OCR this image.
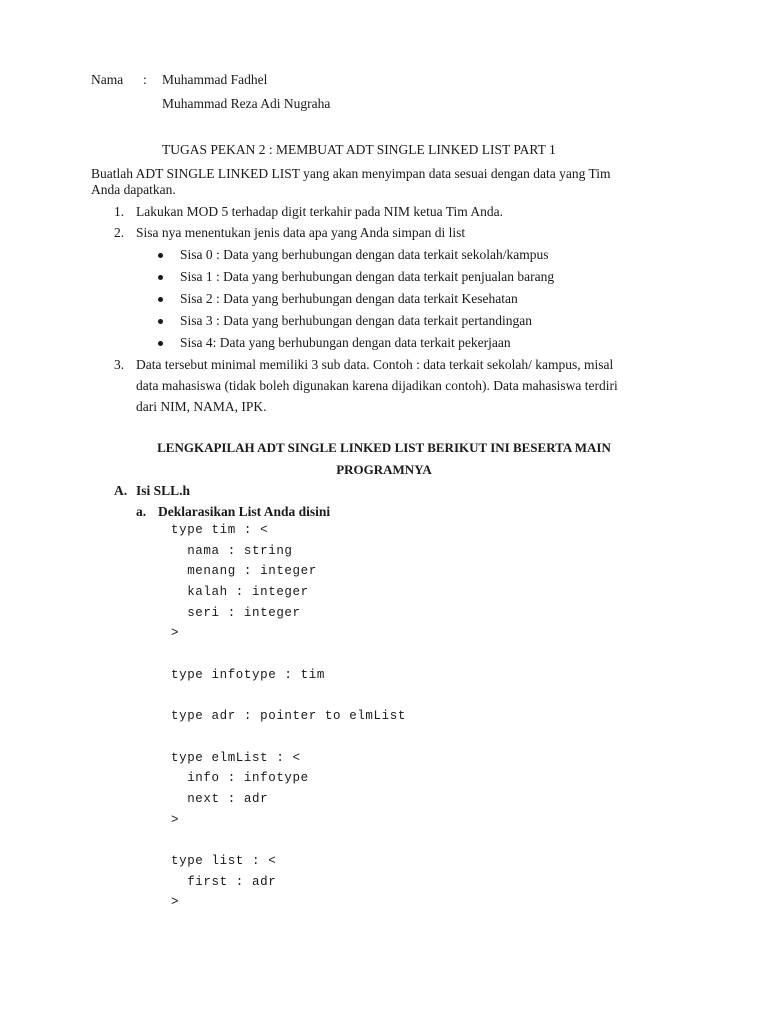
Nama : Muhammad Fadhel
Muhammad Reza Adi Nugraha
TUGAS PEKAN 2 : MEMBUAT ADT SINGLE LINKED LIST PART 1
Buatlah ADT SINGLE LINKED LIST yang akan menyimpan data sesuai dengan data yang Tim
Anda dapatkan.
1. Lakukan MOD 5 terhadap digit terkahir pada NIM ketua Tim Anda.
2. Sisa nya menentukan jenis data apa yang Anda simpan di list
Sisa 0 : Data yang berhubungan dengan data terkait sekolah/kampus
Sisa 1 : Data yang berhubungan dengan data terkait penjualan barang
Sisa 2 : Data yang berhubungan dengan data terkait Kesehatan
Sisa 3 : Data yang berhubungan dengan data terkait pertandingan
Sisa 4: Data yang berhubungan dengan data terkait pekerjaan
3. Data tersebut minimal memiliki 3 sub data. Contoh : data terkait sekolah/ kampus, misal
data mahasiswa (tidak boleh digunakan karena dijadikan contoh). Data mahasiswa terdiri
dari NIM, NAMA, IPK.
LENGKAPILAH ADT SINGLE LINKED LIST BERIKUT INI BESERTA MAIN
PROGRAMNYA
A. Isi SLL.h
a. Deklarasikan List Anda disini
type tim : <
nama : string
menang : integer
kalah : integer
seri : integer
>
type infotype : tim
type adr : pointer to elmList
type elmList : <
info : infotype
next : adr
>
type list : <
first : adr
>
